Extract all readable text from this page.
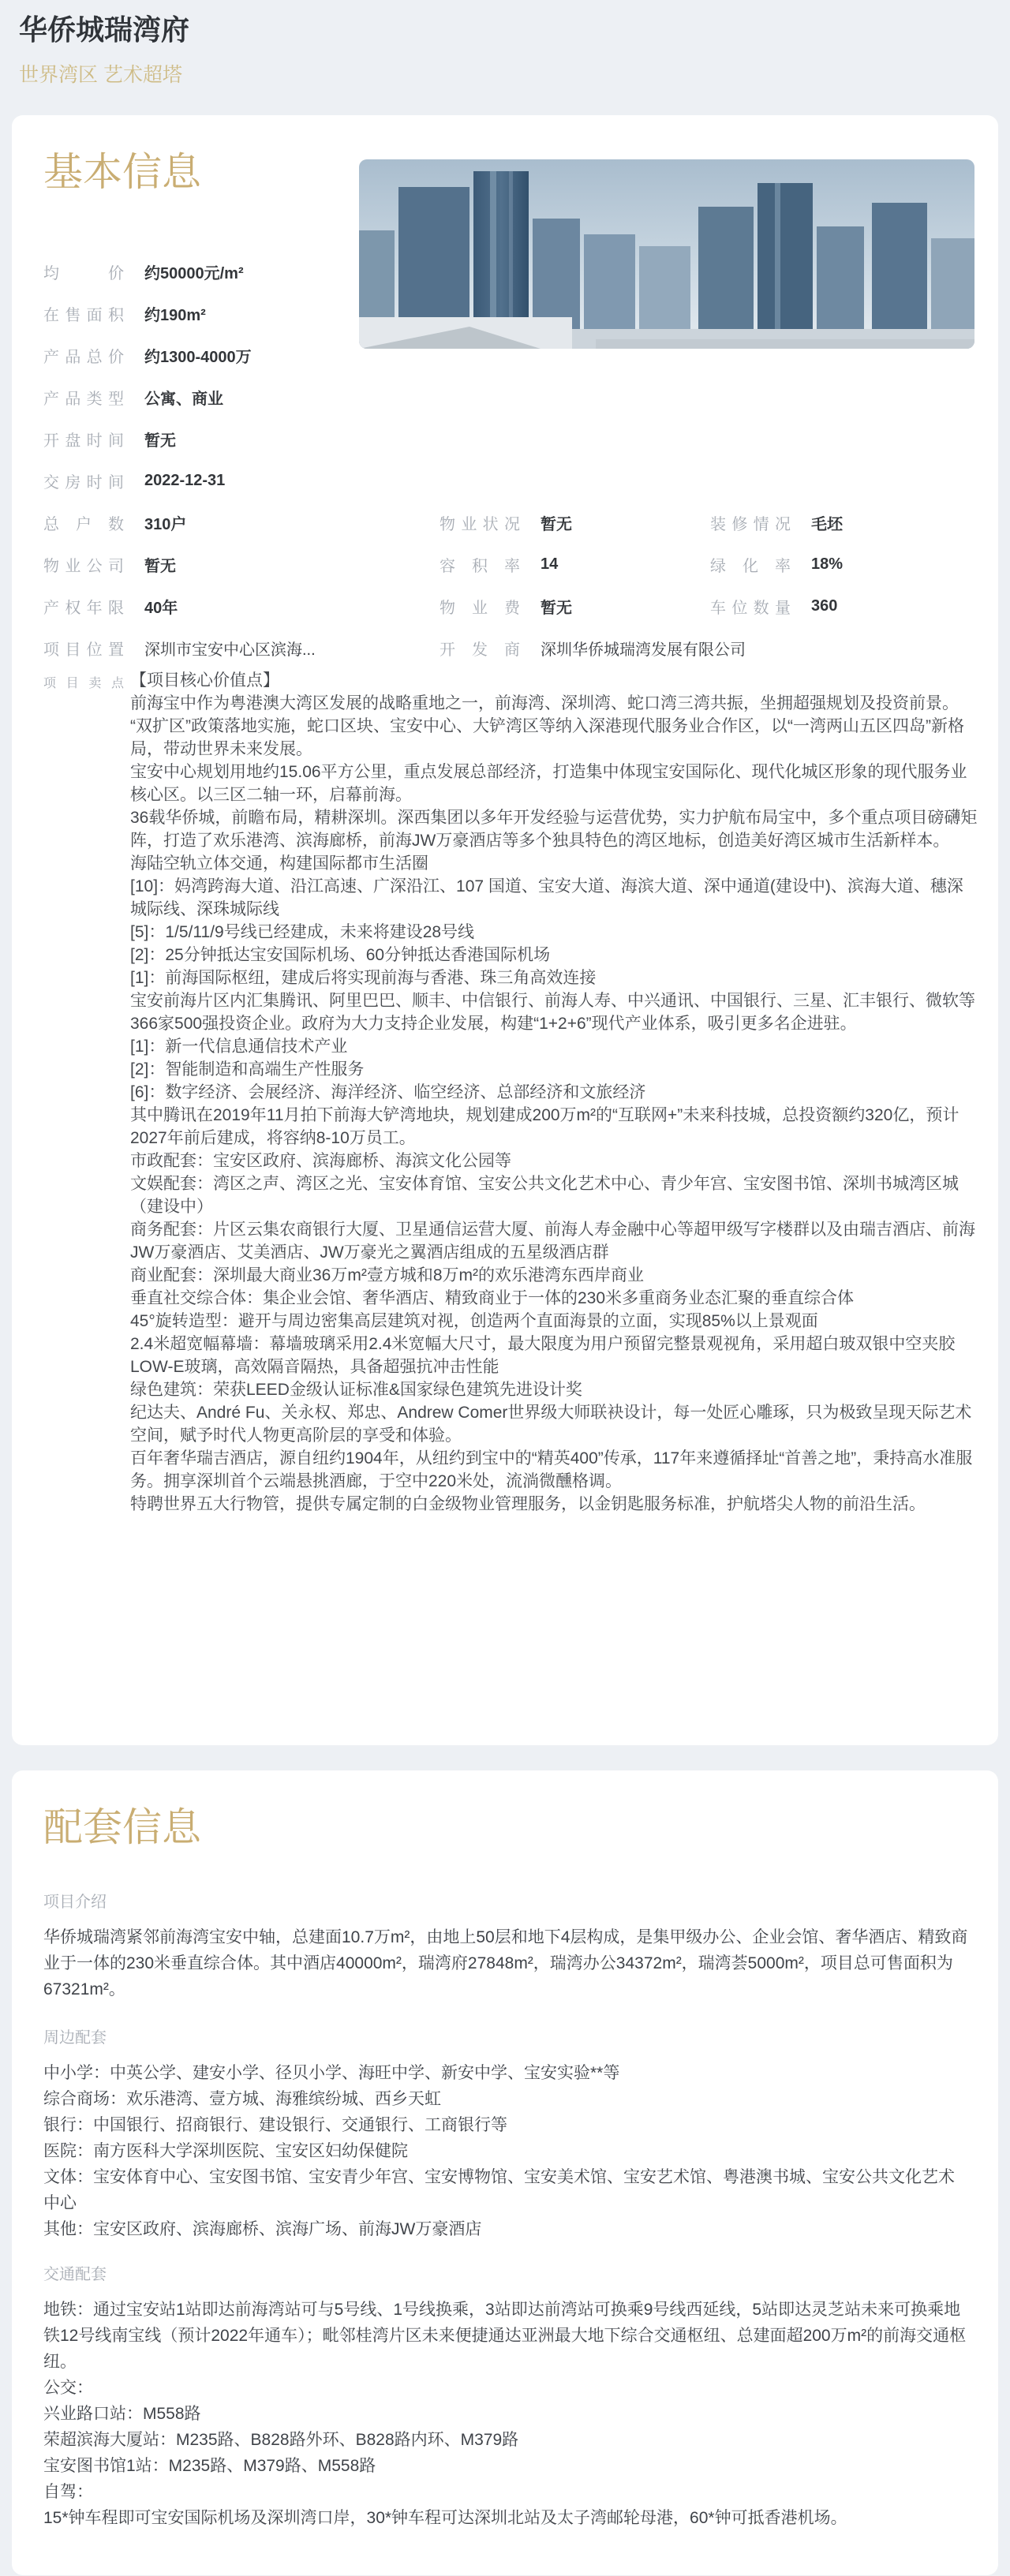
华侨城瑞湾府
世界湾区 艺术超塔
基本信息
均价 约50000元/m²
在售面积 约190m²
产品总价 约1300-4000万
产品类型 公寓、商业
开盘时间 暂无
交房时间 2022-12-31
总户数 310户	物业状况 暂无	装修情况 毛坯
物业公司 暂无	容积率 14	绿化率 18%
产权年限 40年	物业费 暂无	车位数量 360
项目位置 深圳市宝安中心区滨海...	开发商 深圳华侨城瑞湾发展有限公司
项目卖点 【项目核心价值点】

前海宝中作为粤港澳大湾区发展的战略重地之一，前海湾、深圳湾、蛇口湾三湾共振，坐拥超强规划及投资前景。

“双扩区”政策落地实施，蛇口区块、宝安中心、大铲湾区等纳入深港现代服务业合作区，以“一湾两山五区四岛”新格局，带动世界未来发展。

宝安中心规划用地约15.06平方公里，重点发展总部经济，打造集中体现宝安国际化、现代化城区形象的现代服务业核心区。以三区二轴一环，启幕前海。

36载华侨城，前瞻布局，精耕深圳。深西集团以多年开发经验与运营优势，实力护航布局宝中，多个重点项目磅礴矩阵，打造了欢乐港湾、滨海廊桥，前海JW万豪酒店等多个独具特色的湾区地标，创造美好湾区城市生活新样本。

海陆空轨立体交通，构建国际都市生活圈

[10]：妈湾跨海大道、沿江高速、广深沿江、107 国道、宝安大道、海滨大道、深中通道(建设中)、滨海大道、穗深城际线、深珠城际线

[5]：1/5/11/9号线已经建成，未来将建设28号线

[2]：25分钟抵达宝安国际机场、60分钟抵达香港国际机场

[1]：前海国际枢纽，建成后将实现前海与香港、珠三角高效连接

宝安前海片区内汇集腾讯、阿里巴巴、顺丰、中信银行、前海人寿、中兴通讯、中国银行、三星、汇丰银行、微软等366家500强投资企业。政府为大力支持企业发展，构建“1+2+6”现代产业体系，吸引更多名企进驻。

[1]：新一代信息通信技术产业

[2]：智能制造和高端生产性服务

[6]：数字经济、会展经济、海洋经济、临空经济、总部经济和文旅经济

其中腾讯在2019年11月拍下前海大铲湾地块，规划建成200万m²的“互联网+”未来科技城，总投资额约320亿，预计2027年前后建成，将容纳8-10万员工。

市政配套：宝安区政府、滨海廊桥、海滨文化公园等

文娱配套：湾区之声、湾区之光、宝安体育馆、宝安公共文化艺术中心、青少年宫、宝安图书馆、深圳书城湾区城（建设中）

商务配套：片区云集农商银行大厦、卫星通信运营大厦、前海人寿金融中心等超甲级写字楼群以及由瑞吉酒店、前海JW万豪酒店、艾美酒店、JW万豪光之翼酒店组成的五星级酒店群

商业配套：深圳最大商业36万m²壹方城和8万m²的欢乐港湾东西岸商业

垂直社交综合体：集企业会馆、奢华酒店、精致商业于一体的230米多重商务业态汇聚的垂直综合体

45°旋转造型：避开与周边密集高层建筑对视，创造两个直面海景的立面，实现85%以上景观面

2.4米超宽幅幕墙：幕墙玻璃采用2.4米宽幅大尺寸，最大限度为用户预留完整景观视角，采用超白玻双银中空夹胶LOW-E玻璃，高效隔音隔热，具备超强抗冲击性能

绿色建筑：荣获LEED金级认证标准&国家绿色建筑先进设计奖

纪达夫、André Fu、关永权、郑忠、Andrew Comer世界级大师联袂设计，每一处匠心雕琢，只为极致呈现天际艺术空间，赋予时代人物更高阶层的享受和体验。

百年奢华瑞吉酒店，源自纽约1904年，从纽约到宝中的“精英400”传承，117年来遵循择址“首善之地”，秉持高水准服务。拥享深圳首个云端悬挑酒廊，于空中220米处，流淌微醺格调。

特聘世界五大行物管，提供专属定制的白金级物业管理服务，以金钥匙服务标准，护航塔尖人物的前沿生活。

配套信息
项目介绍

华侨城瑞湾紧邻前海湾宝安中轴，总建面10.7万m²，由地上50层和地下4层构成，是集甲级办公、企业会馆、奢华酒店、精致商业于一体的230米垂直综合体。其中酒店40000m²，瑞湾府27848m²，瑞湾办公34372m²，瑞湾荟5000m²，项目总可售面积为67321m²。

周边配套

中小学：中英公学、建安小学、径贝小学、海旺中学、新安中学、宝安实验**等

综合商场：欢乐港湾、壹方城、海雅缤纷城、西乡天虹

银行：中国银行、招商银行、建设银行、交通银行、工商银行等

医院：南方医科大学深圳医院、宝安区妇幼保健院

文体：宝安体育中心、宝安图书馆、宝安青少年宫、宝安博物馆、宝安美术馆、宝安艺术馆、粤港澳书城、宝安公共文化艺术中心

其他：宝安区政府、滨海廊桥、滨海广场、前海JW万豪酒店

交通配套

地铁：通过宝安站1站即达前海湾站可与5号线、1号线换乘，3站即达前湾站可换乘9号线西延线，5站即达灵芝站未来可换乘地铁12号线南宝线（预计2022年通车）；毗邻桂湾片区未来便捷通达亚洲最大地下综合交通枢纽、总建面超200万m²的前海交通枢纽。

公交：

兴业路口站：M558路

荣超滨海大厦站：M235路、B828路外环、B828路内环、M379路

宝安图书馆1站：M235路、M379路、M558路

自驾：

15*钟车程即可宝安国际机场及深圳湾口岸，30*钟车程可达深圳北站及太子湾邮轮母港，60*钟可抵香港机场。
